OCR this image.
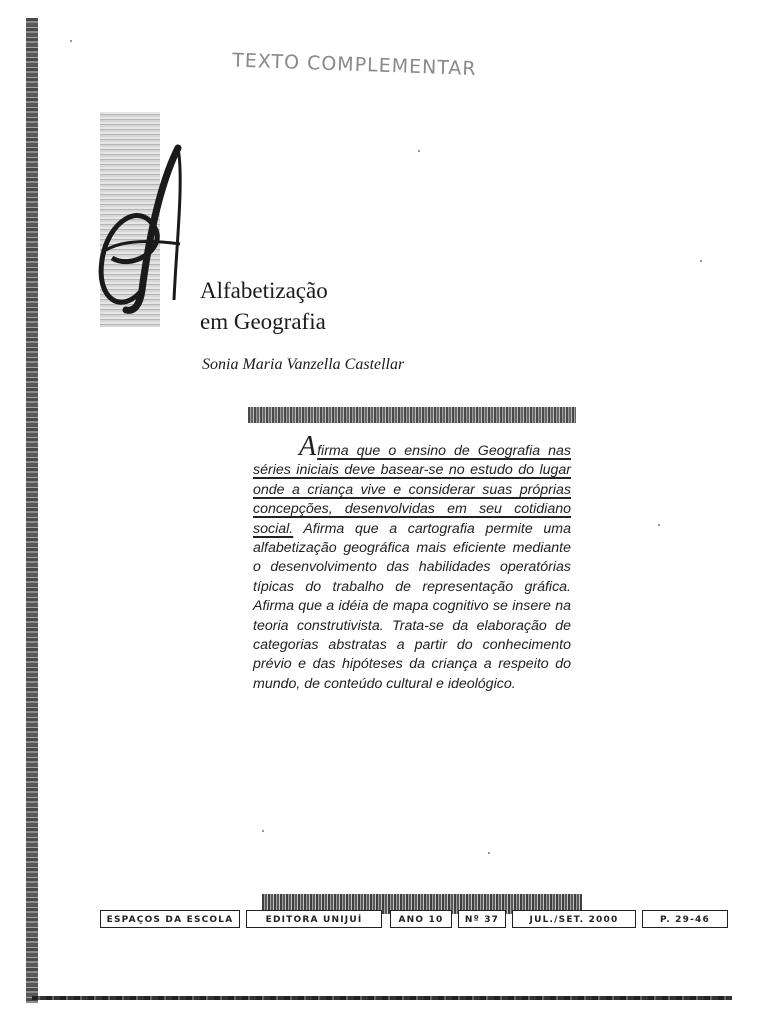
TEXTO COMPLEMENTAR
Alfabetização
em Geografia
Sonia Maria Vanzella Castellar
Afirma que o ensino de Geografia nas séries iniciais deve basear-se no estudo do lugar onde a criança vive e considerar suas próprias concepções, desenvolvidas em seu cotidiano social. Afirma que a cartografia permite uma alfabetização geográfica mais eficiente mediante o desenvolvimento das habilidades operatórias típicas do trabalho de representação gráfica. Afirma que a idéia de mapa cognitivo se insere na teoria construtivista. Trata-se da elaboração de categorias abstratas a partir do conhecimento prévio e das hipóteses da criança a respeito do mundo, de conteúdo cultural e ideológico.
ESPAÇOS DA ESCOLA	EDITORA UNIJUÍ	ANO 10	Nº 37	JUL./SET. 2000	P. 29-46
